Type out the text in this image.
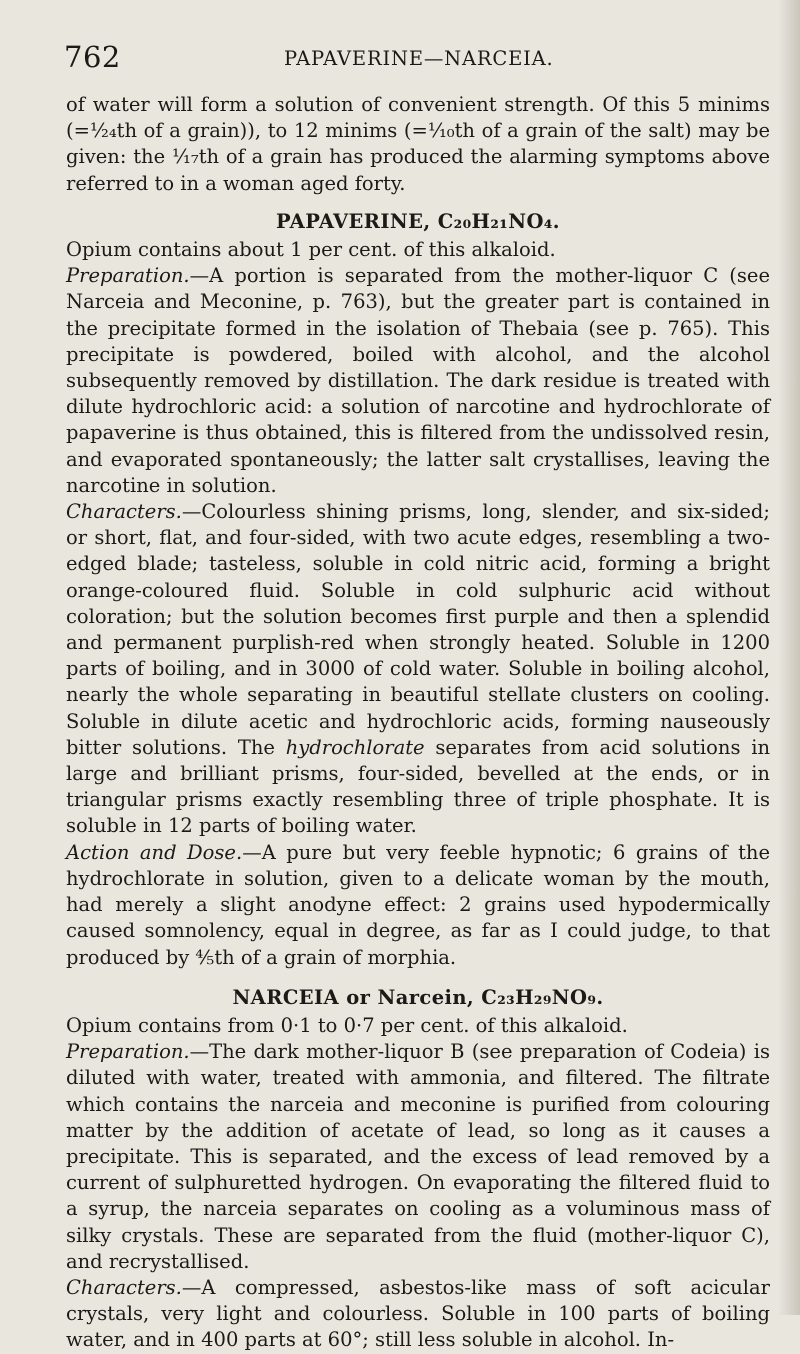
762	PAPAVERINE—NARCEIA.

of water will form a solution of convenient strength. Of this 5 minims (=¹⁄₂₄th of a grain)), to 12 minims (=¹⁄₁₀th of a grain of the salt) may be given: the ¹⁄₁₇th of a grain has produced the alarming symptoms above referred to in a woman aged forty.

PAPAVERINE, C₂₀H₂₁NO₄.

Opium contains about 1 per cent. of this alkaloid.

Preparation.—A portion is separated from the mother-liquor C (see Narceia and Meconine, p. 763), but the greater part is contained in the precipitate formed in the isolation of Thebaia (see p. 765). This precipitate is powdered, boiled with alcohol, and the alcohol subsequently removed by distillation. The dark residue is treated with dilute hydrochloric acid: a solution of narcotine and hydrochlorate of papaverine is thus obtained, this is filtered from the undissolved resin, and evaporated spontaneously; the latter salt crystallises, leaving the narcotine in solution.

Characters.—Colourless shining prisms, long, slender, and six-sided; or short, flat, and four-sided, with two acute edges, resembling a two-edged blade; tasteless, soluble in cold nitric acid, forming a bright orange-coloured fluid. Soluble in cold sulphuric acid without coloration; but the solution becomes first purple and then a splendid and permanent purplish-red when strongly heated. Soluble in 1200 parts of boiling, and in 3000 of cold water. Soluble in boiling alcohol, nearly the whole separating in beautiful stellate clusters on cooling. Soluble in dilute acetic and hydrochloric acids, forming nauseously bitter solutions. The hydrochlorate separates from acid solutions in large and brilliant prisms, four-sided, bevelled at the ends, or in triangular prisms exactly resembling three of triple phosphate. It is soluble in 12 parts of boiling water.

Action and Dose.—A pure but very feeble hypnotic; 6 grains of the hydrochlorate in solution, given to a delicate woman by the mouth, had merely a slight anodyne effect: 2 grains used hypodermically caused somnolency, equal in degree, as far as I could judge, to that produced by ⅘th of a grain of morphia.

NARCEIA or Narcein, C₂₃H₂₉NO₉.

Opium contains from 0·1 to 0·7 per cent. of this alkaloid.

Preparation.—The dark mother-liquor B (see preparation of Codeia) is diluted with water, treated with ammonia, and filtered. The filtrate which contains the narceia and meconine is purified from colouring matter by the addition of acetate of lead, so long as it causes a precipitate. This is separated, and the excess of lead removed by a current of sulphuretted hydrogen. On evaporating the filtered fluid to a syrup, the narceia separates on cooling as a voluminous mass of silky crystals. These are separated from the fluid (mother-liquor C), and recrystallised.

Characters.—A compressed, asbestos-like mass of soft acicular crystals, very light and colourless. Soluble in 100 parts of boiling water, and in 400 parts at 60°; still less soluble in alcohol. In-
